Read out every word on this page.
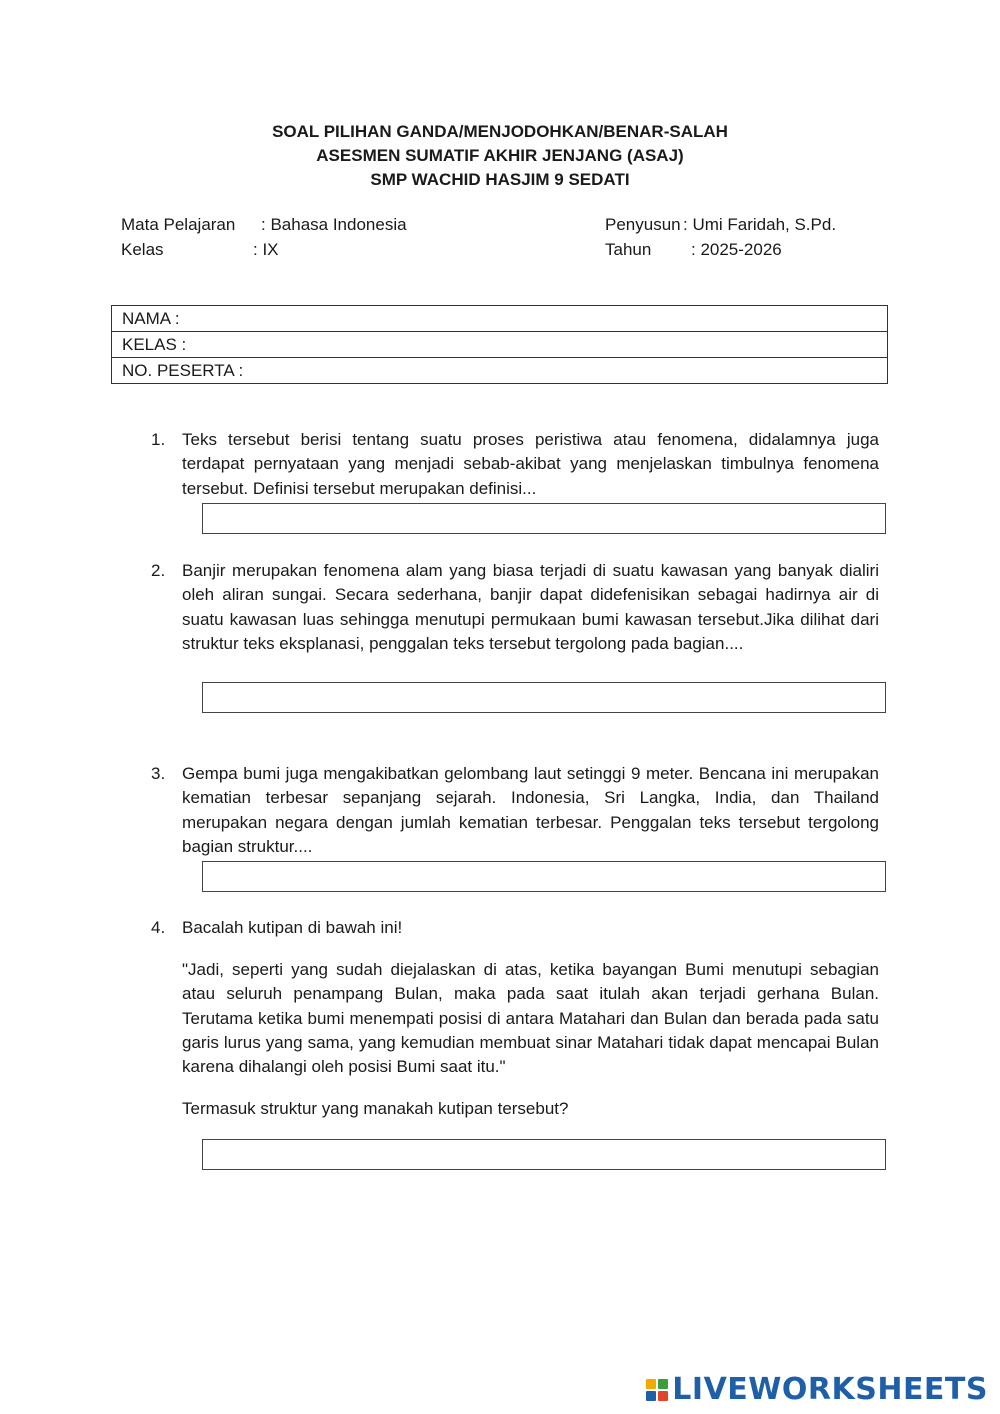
SOAL PILIHAN GANDA/MENJODOHKAN/BENAR-SALAH
ASESMEN SUMATIF AKHIR JENJANG (ASAJ)
SMP WACHID HASJIM 9 SEDATI
Mata Pelajaran : Bahasa Indonesia
Kelas	: IX
Penyusun : Umi Faridah, S.Pd.
Tahun : 2025-2026
NAMA :
KELAS :
NO. PESERTA :
1. Teks tersebut berisi tentang suatu proses peristiwa atau fenomena, didalamnya juga terdapat pernyataan yang menjadi sebab-akibat yang menjelaskan timbulnya fenomena tersebut. Definisi tersebut merupakan definisi...
2. Banjir merupakan fenomena alam yang biasa terjadi di suatu kawasan yang banyak dialiri oleh aliran sungai. Secara sederhana, banjir dapat didefenisikan sebagai hadirnya air di suatu kawasan luas sehingga menutupi permukaan bumi kawasan tersebut.Jika dilihat dari struktur teks eksplanasi, penggalan teks tersebut tergolong pada bagian....
3. Gempa bumi juga mengakibatkan gelombang laut setinggi 9 meter. Bencana ini merupakan kematian terbesar sepanjang sejarah. Indonesia, Sri Langka, India, dan Thailand merupakan negara dengan jumlah kematian terbesar. Penggalan teks tersebut tergolong bagian struktur....
4. Bacalah kutipan di bawah ini!
"Jadi, seperti yang sudah diejalaskan di atas, ketika bayangan Bumi menutupi sebagian atau seluruh penampang Bulan, maka pada saat itulah akan terjadi gerhana Bulan. Terutama ketika bumi menempati posisi di antara Matahari dan Bulan dan berada pada satu garis lurus yang sama, yang kemudian membuat sinar Matahari tidak dapat mencapai Bulan karena dihalangi oleh posisi Bumi saat itu."
Termasuk struktur yang manakah kutipan tersebut?
LIVEWORKSHEETS
